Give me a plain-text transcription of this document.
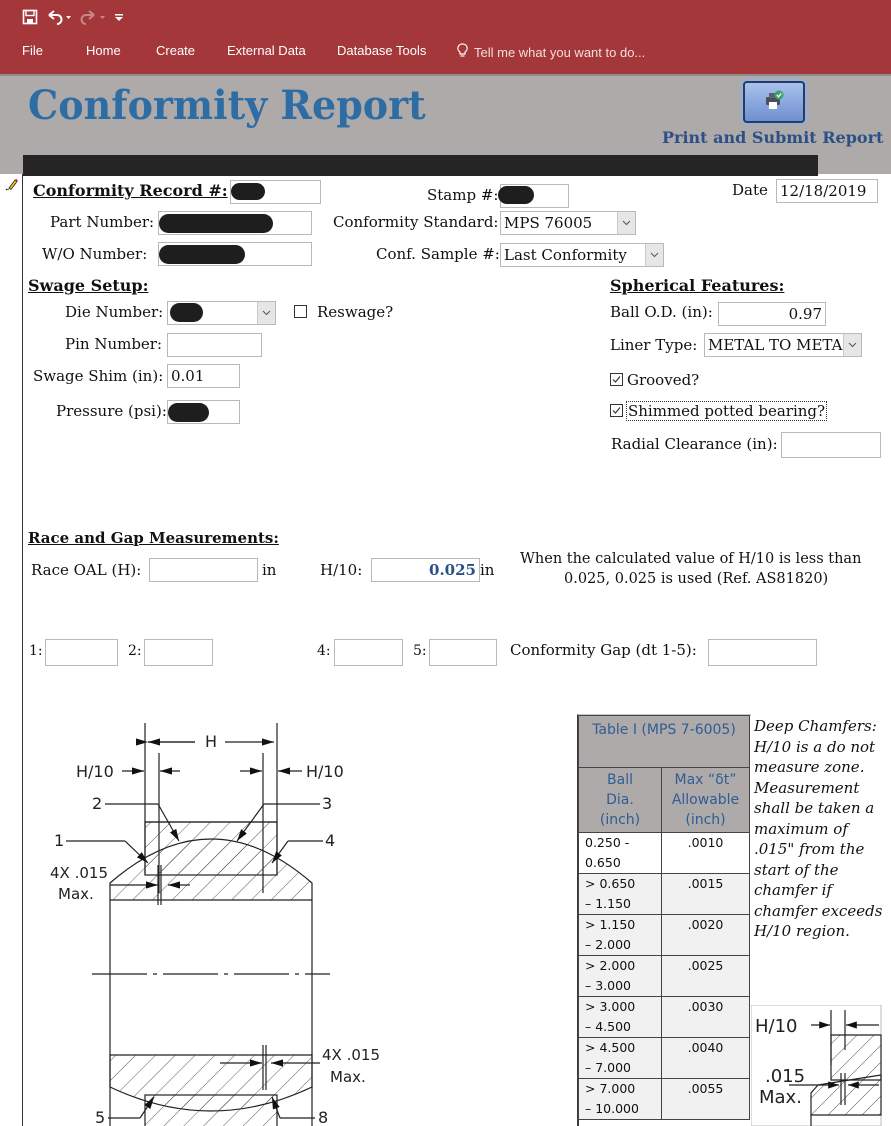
File	Home	Create External Data Database Tools	Tell me what you want to do...
Conformity Report
Print and Submit Report
Conformity Record #:	Stamp #:	Date 12/18/2019
Part Number:	Conformity Standard: MPS 76005
W/O Number:	Conf. Sample #: Last Conformity
Swage Setup:
Die Number:	Reswage?
Pin Number:
Swage Shim (in): 0.01
Pressure (psi):
Spherical Features:
Ball O.D. (in):	0.97
Liner Type: METAL TO META
Grooved?
Shimmed potted bearing?
Radial Clearance (in):
Race and Gap Measurements:
Race OAL (H):	in	H/10:	0.025 in
When the calculated value of H/10 is less than
0.025, 0.025 is used (Ref. AS81820)
1:	2:	4:	5:	Conformity Gap (dt 1-5):
H
H/10	H/10
1
2	3
4
5	8
4X .015
Max.
4X .015
Max.
Table I (MPS 7-6005)	
Ball Dia. (inch)	Max “δt” Allowable (inch)

0.250 -
0.650	.0010

> 0.650
– 1.150	.0015

> 1.150
– 2.000	.0020

> 2.000
– 3.000	.0025

> 3.000
– 4.500	.0030

> 4.500
– 7.000	.0040

> 7.000
– 10.000	.0055
Deep Chamfers: H/10 is a do not measure zone. Measurement shall be taken a maximum of .015" from the start of the chamfer if chamfer exceeds H/10 region.
H/10
.015
Max.
